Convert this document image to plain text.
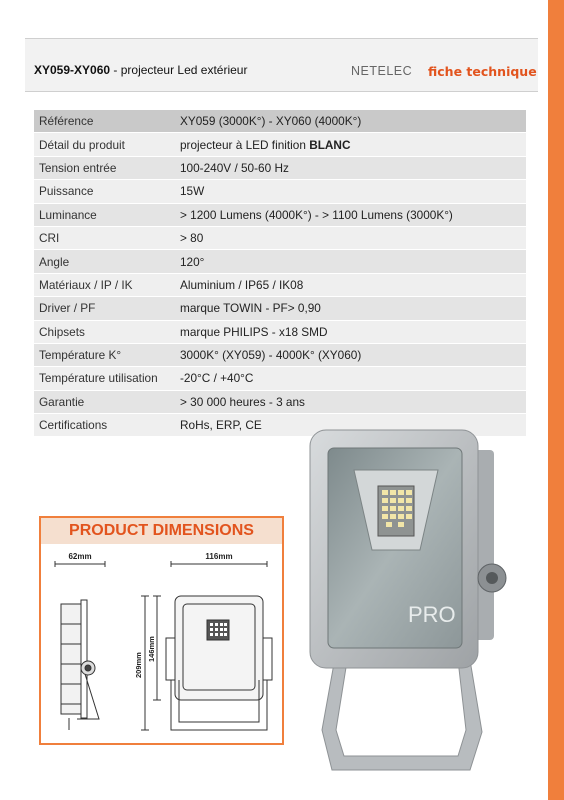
XY059-XY060 - projecteur Led extérieur	NETELEC fiche technique
Référence	XY059 (3000K°) - XY060 (4000K°)
Détail du produit	projecteur à LED finition BLANC
Tension entrée	100-240V / 50-60 Hz
Puissance	15W
Luminance	> 1200 Lumens (4000K°) - > 1100 Lumens (3000K°)
CRI	> 80
Angle	120°
Matériaux / IP / IK	Aluminium / IP65 / IK08
Driver / PF	marque TOWIN - PF> 0,90
Chipsets	marque PHILIPS - x18 SMD
Température K°	3000K° (XY059) - 4000K° (XY060)
Température utilisation	-20°C / +40°C
Garantie	> 30 000 heures - 3 ans
Certifications	RoHs, ERP, CE
PRODUCT DIMENSIONS
62mm	116mm
209mm
146mm
PRO
